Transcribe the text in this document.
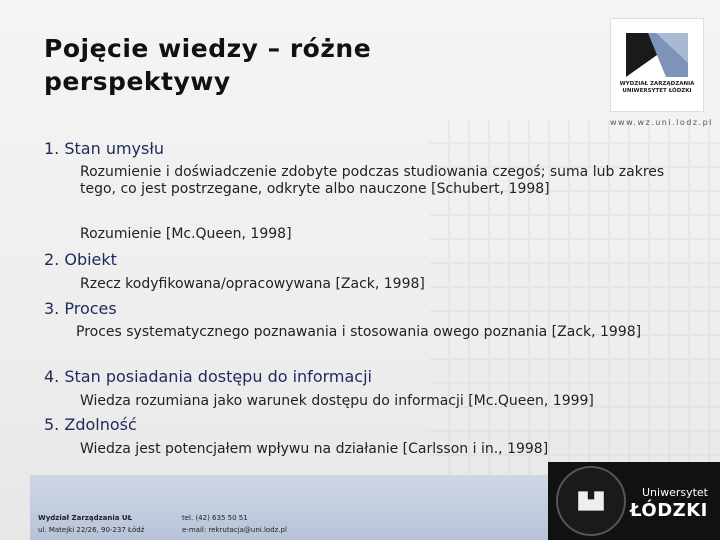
Pojęcie wiedzy – różne
perspektywy	WYDZIAŁ ZARZĄDZANIA UNIWERSYTET ŁÓDZKI
www.wz.uni.lodz.pl
1. Stan umysłu
Rozumienie i doświadczenie zdobyte podczas studiowania czegoś; suma lub zakres tego, co jest postrzegane, odkryte albo nauczone [Schubert, 1998]
Rozumienie [Mc.Queen, 1998]
2. Obiekt
Rzecz kodyfikowana/opracowywana [Zack, 1998]
3. Proces
Proces systematycznego poznawania i stosowania owego poznania [Zack, 1998]
4. Stan posiadania dostępu do informacji
Wiedza rozumiana jako warunek dostępu do informacji [Mc.Queen, 1999]
5. Zdolność
Wiedza jest potencjałem wpływu na działanie [Carlsson i in., 1998]
Wydział Zarządzania UŁ
ul. Matejki 22/26, 90-237 Łódź
tel. (42) 635 50 51
e-mail: rekrutacja@uni.lodz.pl
Uniwersytet
ŁÓDZKI
